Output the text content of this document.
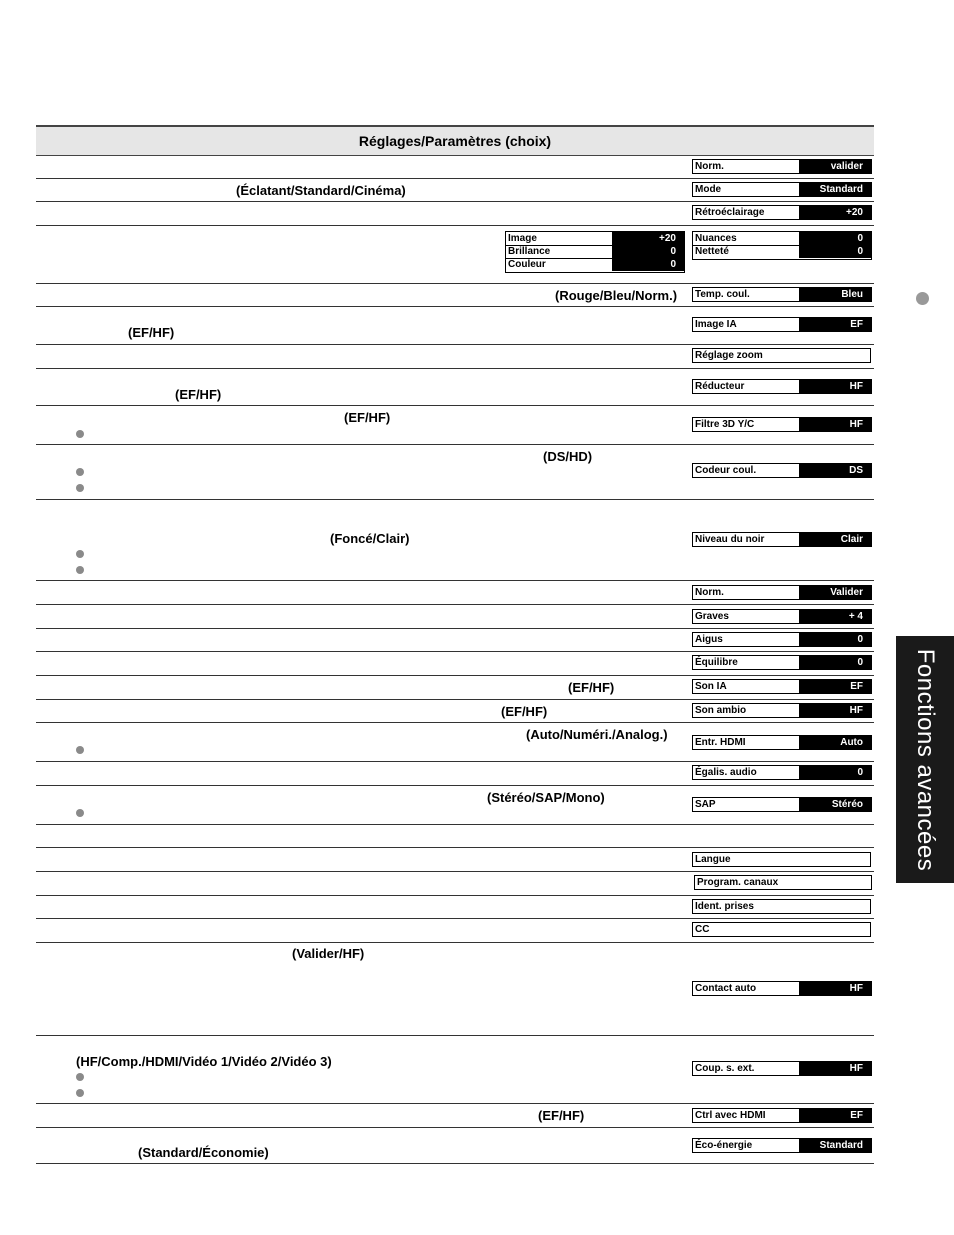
Réglages/Paramètres (choix)
(Éclatant/Standard/Cinéma)
(Rouge/Bleu/Norm.)
(EF/HF)
(EF/HF)
(EF/HF)
(DS/HD)
(Foncé/Clair)
(EF/HF)
(EF/HF)
(Auto/Numéri./Analog.)
(Stéréo/SAP/Mono)
(Valider/HF)
(HF/Comp./HDMI/Vidéo 1/Vidéo 2/Vidéo 3)
(EF/HF)
(Standard/Économie)
Image	+20
Brillance	0
Couleur	0
Nuances	0
Netteté	0
Norm.	valider
Mode	Standard
Rétroéclairage	+20
Temp. coul.	Bleu
Image IA	EF
Réglage zoom
Réducteur	HF
Filtre 3D Y/C	HF
Codeur coul.	DS
Niveau du noir	Clair
Norm.	Valider
Graves	+ 4
Aigus	0
Équilibre	0
Son IA	EF
Son ambio	HF
Entr. HDMI	Auto
Égalis. audio	0
SAP	Stéréo
Langue
Program. canaux
Ident. prises
CC
Contact auto	HF
Coup. s. ext.	HF
Ctrl avec HDMI	EF
Éco-énergie	Standard
Fonctions avancées
